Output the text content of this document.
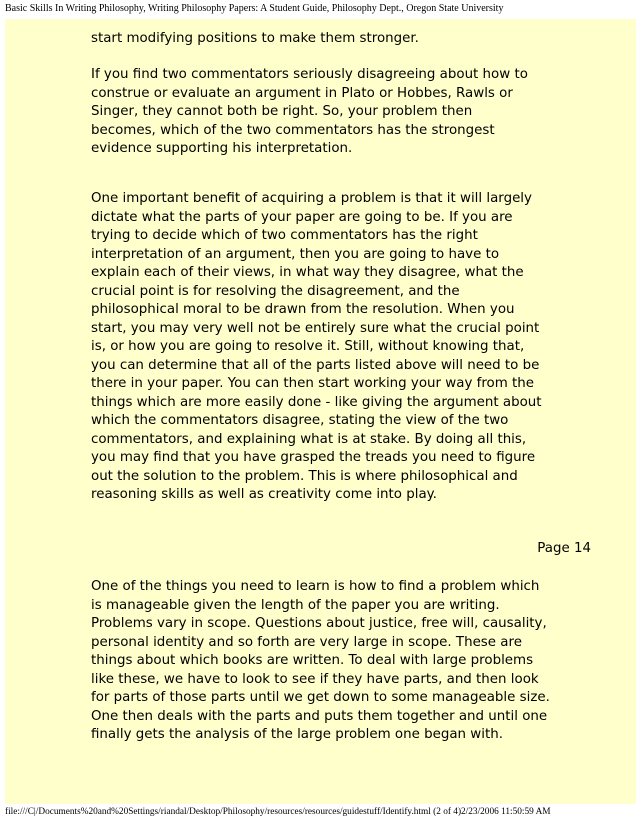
Basic Skills In Writing Philosophy, Writing Philosophy Papers: A Student Guide, Philosophy Dept., Oregon State University

start modifying positions to make them stronger.

If you find two commentators seriously disagreeing about how to construe or evaluate an argument in Plato or Hobbes, Rawls or Singer, they cannot both be right. So, your problem then becomes, which of the two commentators has the strongest evidence supporting his interpretation.

One important benefit of acquiring a problem is that it will largely dictate what the parts of your paper are going to be. If you are trying to decide which of two commentators has the right interpretation of an argument, then you are going to have to explain each of their views, in what way they disagree, what the crucial point is for resolving the disagreement, and the philosophical moral to be drawn from the resolution. When you start, you may very well not be entirely sure what the crucial point is, or how you are going to resolve it. Still, without knowing that, you can determine that all of the parts listed above will need to be there in your paper. You can then start working your way from the things which are more easily done - like giving the argument about which the commentators disagree, stating the view of the two commentators, and explaining what is at stake. By doing all this, you may find that you have grasped the treads you need to figure out the solution to the problem. This is where philosophical and reasoning skills as well as creativity come into play.

Page 14

One of the things you need to learn is how to find a problem which is manageable given the length of the paper you are writing. Problems vary in scope. Questions about justice, free will, causality, personal identity and so forth are very large in scope. These are things about which books are written. To deal with large problems like these, we have to look to see if they have parts, and then look for parts of those parts until we get down to some manageable size. One then deals with the parts and puts them together and until one finally gets the analysis of the large problem one began with.

file:///C|/Documents%20and%20Settings/riandal/Desktop/Philosophy/resources/resources/guidestuff/Identify.html (2 of 4)2/23/2006 11:50:59 AM
